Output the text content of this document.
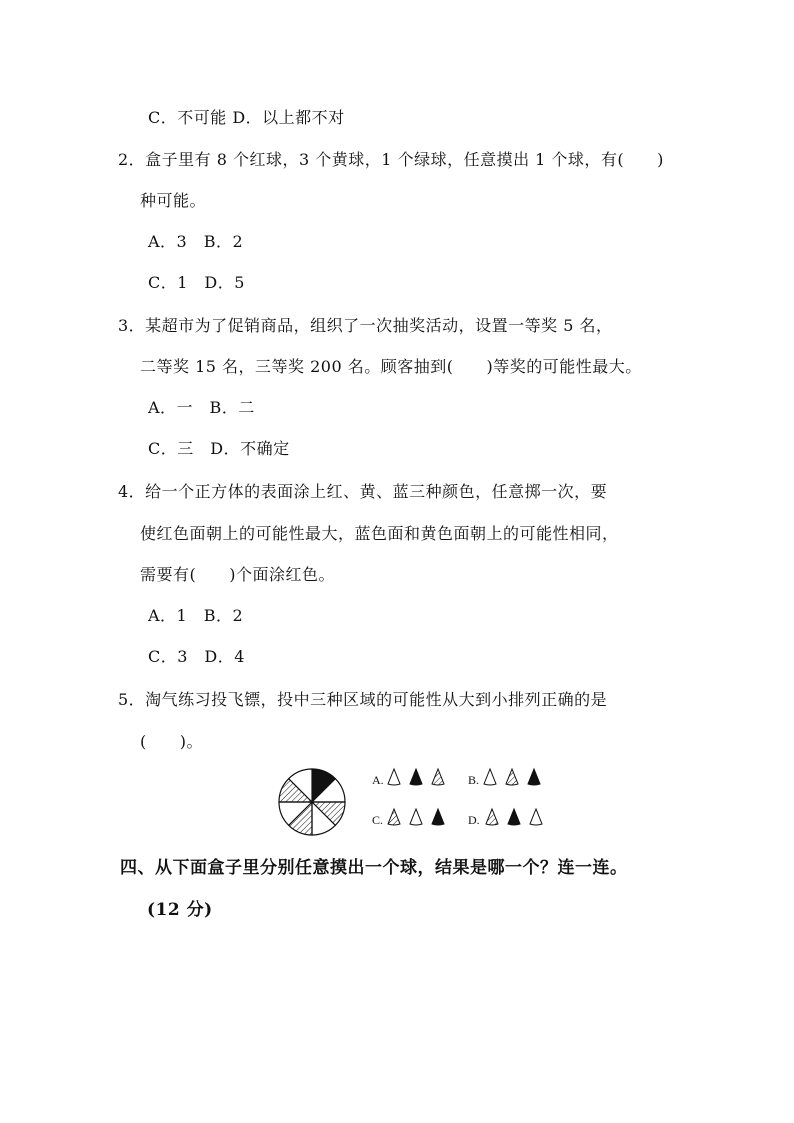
C．不可能 D．以上都不对
2．盒子里有 8 个红球，3 个黄球，1 个绿球，任意摸出 1 个球，有(　　)
种可能。
A．3　B．2
C．1　D．5
3．某超市为了促销商品，组织了一次抽奖活动，设置一等奖 5 名，
二等奖 15 名，三等奖 200 名。顾客抽到(　　)等奖的可能性最大。
A．一　B．二
C．三　D．不确定
4．给一个正方体的表面涂上红、黄、蓝三种颜色，任意掷一次，要
使红色面朝上的可能性最大，蓝色面和黄色面朝上的可能性相同，
需要有(　　)个面涂红色。
A．1　B．2
C．3　D．4
5．淘气练习投飞镖，投中三种区域的可能性从大到小排列正确的是
(　　)。
A.	B.
C.	D.
四、从下面盒子里分别任意摸出一个球，结果是哪一个？连一连。
(12 分)
